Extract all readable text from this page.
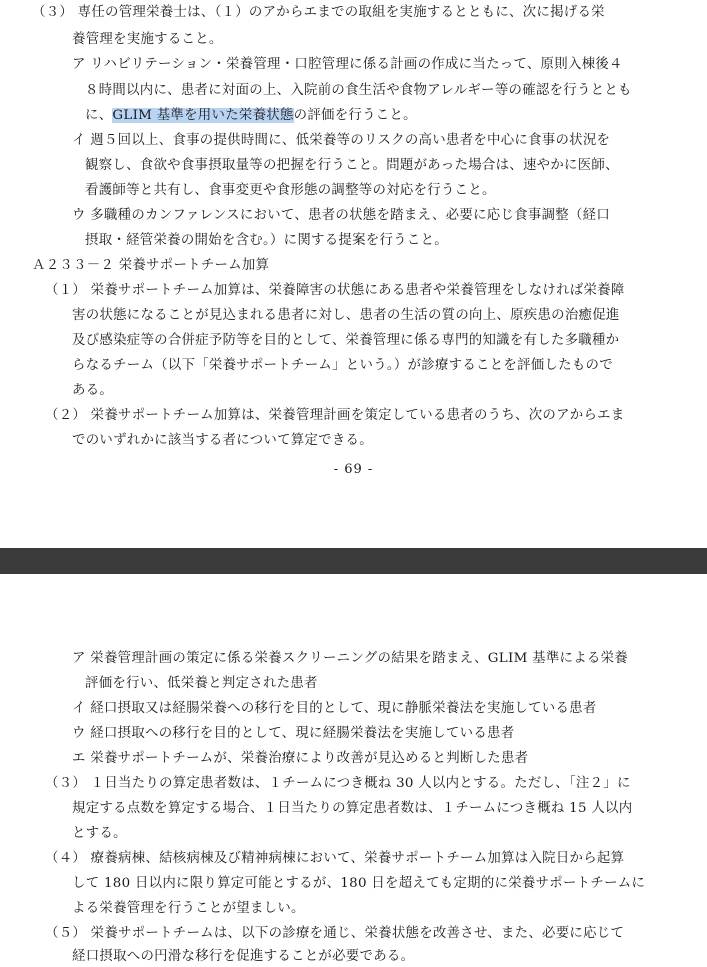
（３） 専任の管理栄養士は、（１）のアからエまでの取組を実施するとともに、次に掲げる栄
養管理を実施すること。
ア リハビリテーション・栄養管理・口腔管理に係る計画の作成に当たって、原則入棟後４
８時間以内に、患者に対面の上、入院前の食生活や食物アレルギー等の確認を行うととも
に、GLIM 基準を用いた栄養状態の評価を行うこと。
イ 週５回以上、食事の提供時間に、低栄養等のリスクの高い患者を中心に食事の状況を
観察し、食欲や食事摂取量等の把握を行うこと。問題があった場合は、速やかに医師、
看護師等と共有し、食事変更や食形態の調整等の対応を行うこと。
ウ 多職種のカンファレンスにおいて、患者の状態を踏まえ、必要に応じ食事調整（経口
摂取・経管栄養の開始を含む。）に関する提案を行うこと。
Ａ２３３－２ 栄養サポートチーム加算
（１） 栄養サポートチーム加算は、栄養障害の状態にある患者や栄養管理をしなければ栄養障
害の状態になることが見込まれる患者に対し、患者の生活の質の向上、原疾患の治癒促進
及び感染症等の合併症予防等を目的として、栄養管理に係る専門的知識を有した多職種か
らなるチーム（以下「栄養サポートチーム」という。）が診療することを評価したもので
ある。
（２） 栄養サポートチーム加算は、栄養管理計画を策定している患者のうち、次のアからエま
でのいずれかに該当する者について算定できる。
- 69 -
ア 栄養管理計画の策定に係る栄養スクリーニングの結果を踏まえ、GLIM 基準による栄養
評価を行い、低栄養と判定された患者
イ 経口摂取又は経腸栄養への移行を目的として、現に静脈栄養法を実施している患者
ウ 経口摂取への移行を目的として、現に経腸栄養法を実施している患者
エ 栄養サポートチームが、栄養治療により改善が見込めると判断した患者
（３） １日当たりの算定患者数は、１チームにつき概ね 30 人以内とする。ただし、「注２」に
規定する点数を算定する場合、１日当たりの算定患者数は、１チームにつき概ね 15 人以内
とする。
（４） 療養病棟、結核病棟及び精神病棟において、栄養サポートチーム加算は入院日から起算
して 180 日以内に限り算定可能とするが、180 日を超えても定期的に栄養サポートチームに
よる栄養管理を行うことが望ましい。
（５） 栄養サポートチームは、以下の診療を通じ、栄養状態を改善させ、また、必要に応じて
経口摂取への円滑な移行を促進することが必要である。
